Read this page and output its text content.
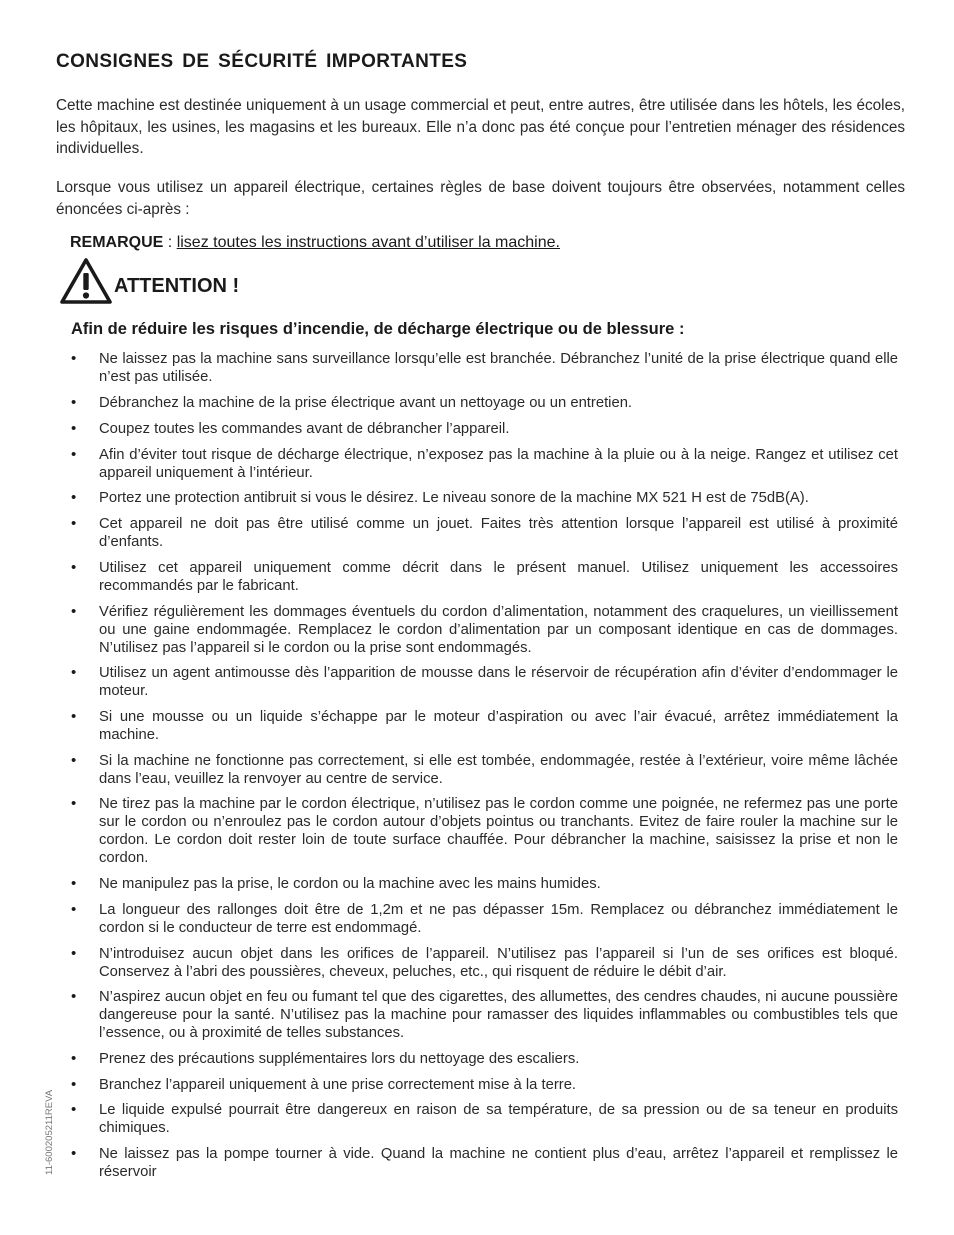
CONSIGNES DE SÉCURITÉ IMPORTANTES

Cette machine est destinée uniquement à un usage commercial et peut, entre autres, être utilisée dans les hôtels, les écoles, les hôpitaux, les usines, les magasins et les bureaux. Elle n’a donc pas été conçue pour l’entretien ménager des résidences individuelles.

Lorsque vous utilisez un appareil électrique, certaines règles de base doivent toujours être observées, notamment celles énoncées ci-après :

REMARQUE : lisez toutes les instructions avant d’utiliser la machine.
ATTENTION !
Afin de réduire les risques d’incendie, de décharge électrique ou de blessure :
• Ne laissez pas la machine sans surveillance lorsqu’elle est branchée. Débranchez l’unité de la prise électrique quand elle n’est pas utilisée.
• Débranchez la machine de la prise électrique avant un nettoyage ou un entretien.
• Coupez toutes les commandes avant de débrancher l’appareil.
• Afin d’éviter tout risque de décharge électrique, n’exposez pas la machine à la pluie ou à la neige. Rangez et utilisez cet appareil uniquement à l’intérieur.
• Portez une protection antibruit si vous le désirez. Le niveau sonore de la machine MX 521 H est de 75dB(A).
• Cet appareil ne doit pas être utilisé comme un jouet. Faites très attention lorsque l’appareil est utilisé à proximité d’enfants.
• Utilisez cet appareil uniquement comme décrit dans le présent manuel. Utilisez uniquement les accessoires recommandés par le fabricant.
• Vérifiez régulièrement les dommages éventuels du cordon d’alimentation, notamment des craquelures, un vieillissement ou une gaine endommagée. Remplacez le cordon d’alimentation par un composant identique en cas de dommages. N’utilisez pas l’appareil si le cordon ou la prise sont endommagés.
• Utilisez un agent antimousse dès l’apparition de mousse dans le réservoir de récupération afin d’éviter d’endommager le moteur.
• Si une mousse ou un liquide s’échappe par le moteur d’aspiration ou avec l’air évacué, arrêtez immédiatement la machine.
• Si la machine ne fonctionne pas correctement, si elle est tombée, endommagée, restée à l’extérieur, voire même lâchée dans l’eau, veuillez la renvoyer au centre de service.
• Ne tirez pas la machine par le cordon électrique, n’utilisez pas le cordon comme une poignée, ne refermez pas une porte sur le cordon ou n’enroulez pas le cordon autour d’objets pointus ou tranchants. Evitez de faire rouler la machine sur le cordon. Le cordon doit rester loin de toute surface chauffée. Pour débrancher la machine, saisissez la prise et non le cordon.
• Ne manipulez pas la prise, le cordon ou la machine avec les mains humides.
• La longueur des rallonges doit être de 1,2m et ne pas dépasser 15m. Remplacez ou débranchez immédiatement le cordon si le conducteur de terre est endommagé.
• N’introduisez aucun objet dans les orifices de l’appareil. N’utilisez pas l’appareil si l’un de ses orifices est bloqué. Conservez à l’abri des poussières, cheveux, peluches, etc., qui risquent de réduire le débit d’air.
• N’aspirez aucun objet en feu ou fumant tel que des cigarettes, des allumettes, des cendres chaudes, ni aucune poussière dangereuse pour la santé. N’utilisez pas la machine pour ramasser des liquides inflammables ou combustibles tels que l’essence, ou à proximité de telles substances.
• Prenez des précautions supplémentaires lors du nettoyage des escaliers.
• Branchez l’appareil uniquement à une prise correctement mise à la terre.
• Le liquide expulsé pourrait être dangereux en raison de sa température, de sa pression ou de sa teneur en produits chimiques.
• Ne laissez pas la pompe tourner à vide. Quand la machine ne contient plus d’eau, arrêtez l’appareil et remplissez le réservoir
11-600205211REVA
